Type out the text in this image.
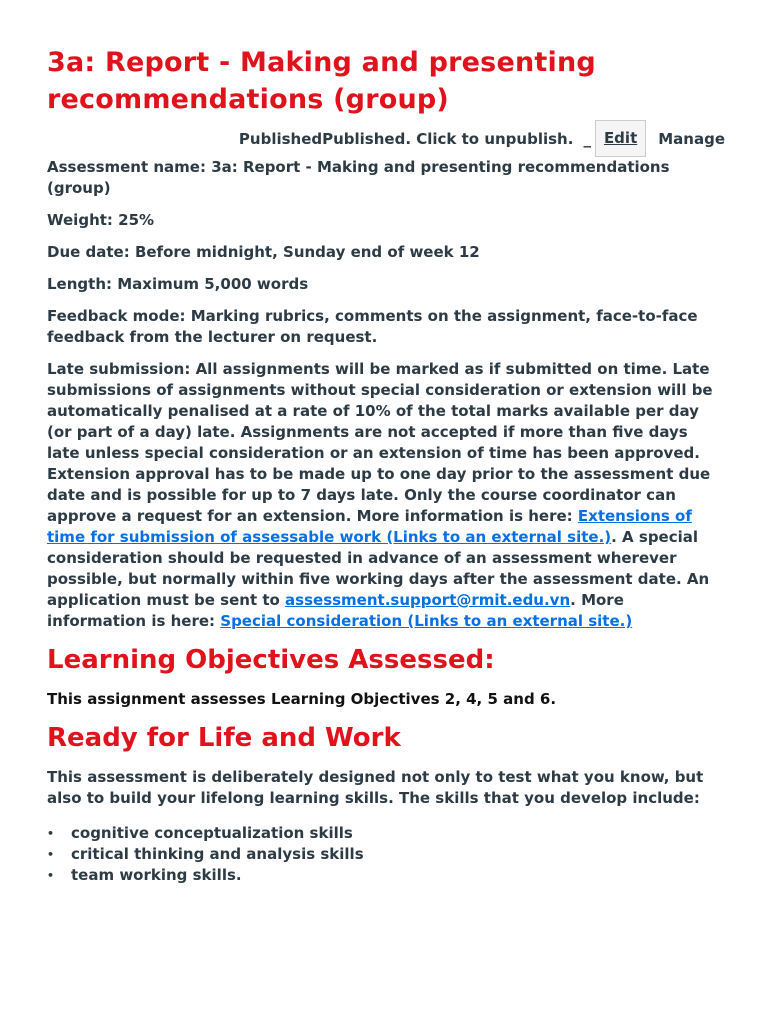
3a: Report - Making and presenting recommendations (group)
PublishedPublished. Click to unpublish. _ Edit	Manage

Assessment name: 3a: Report - Making and presenting recommendations (group)

Weight: 25%

Due date: Before midnight, Sunday end of week 12

Length: Maximum 5,000 words

Feedback mode: Marking rubrics, comments on the assignment, face-to-face feedback from the lecturer on request.

Late submission: All assignments will be marked as if submitted on time. Late submissions of assignments without special consideration or extension will be automatically penalised at a rate of 10% of the total marks available per day (or part of a day) late. Assignments are not accepted if more than five days late unless special consideration or an extension of time has been approved. Extension approval has to be made up to one day prior to the assessment due date and is possible for up to 7 days late. Only the course coordinator can approve a request for an extension. More information is here: Extensions of time for submission of assessable work (Links to an external site.). A special consideration should be requested in advance of an assessment wherever possible, but normally within five working days after the assessment date. An application must be sent to assessment.support@rmit.edu.vn. More information is here: Special consideration (Links to an external site.)

Learning Objectives Assessed:

This assignment assesses Learning Objectives 2, 4, 5 and 6.

Ready for Life and Work

This assessment is deliberately designed not only to test what you know, but also to build your lifelong learning skills. The skills that you develop include:

• cognitive conceptualization skills
• critical thinking and analysis skills
• team working skills.
